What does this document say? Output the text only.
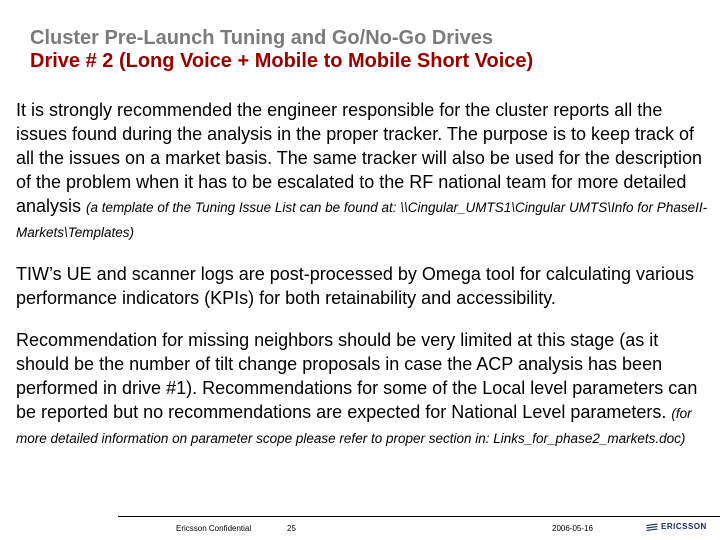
Cluster Pre-Launch Tuning and Go/No-Go Drives
Drive # 2 (Long Voice + Mobile to Mobile Short Voice)

It is strongly recommended the engineer responsible for the cluster reports all the issues found during the analysis in the proper tracker. The purpose is to keep track of all the issues on a market basis. The same tracker will also be used for the description of the problem when it has to be escalated to the RF national team for more detailed analysis (a template of the Tuning Issue List can be found at: \\Cingular_UMTS1\Cingular UMTS\Info for PhaseII-Markets\Templates)

TIW’s UE and scanner logs are post-processed by Omega tool for calculating various performance indicators (KPIs) for both retainability and accessibility.

Recommendation for missing neighbors should be very limited at this stage (as it should be the number of tilt change proposals in case the ACP analysis has been performed in drive #1). Recommendations for some of the Local level parameters can be reported but no recommendations are expected for National Level parameters. (for more detailed information on parameter scope please refer to proper section in: Links_for_phase2_markets.doc)

Ericsson Confidential	25	2006-05-16	ERICSSON
